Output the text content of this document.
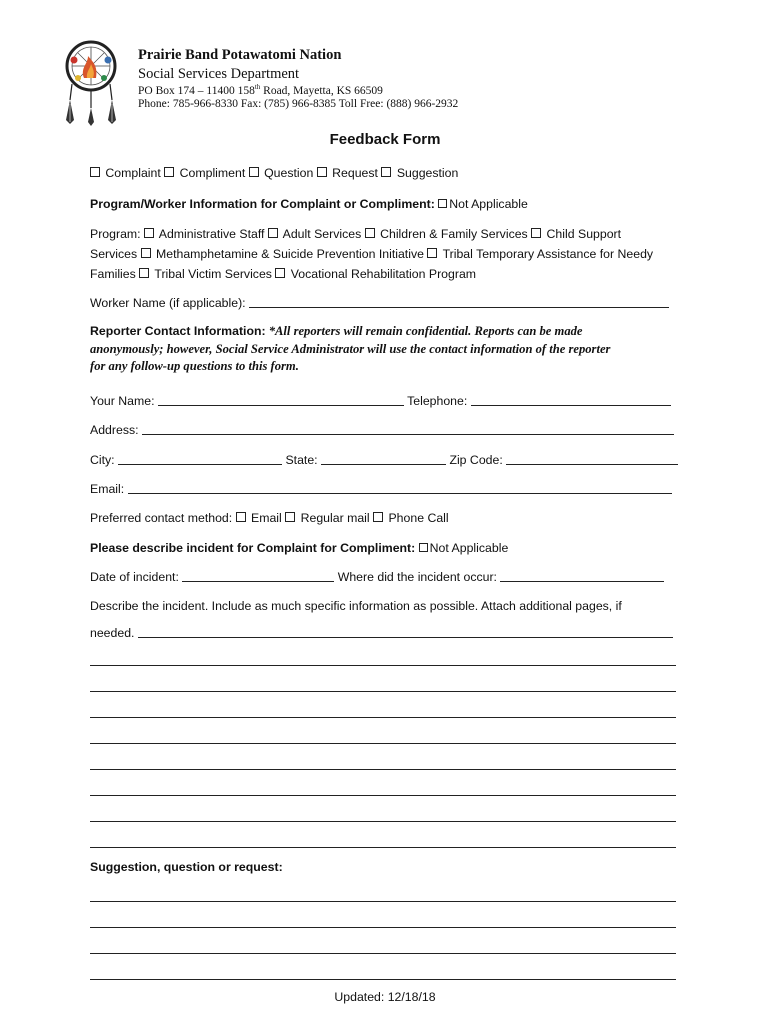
Prairie Band Potawatomi Nation
Social Services Department
PO Box 174 – 11400 158th Road, Mayetta, KS 66509
Phone: 785-966-8330 Fax: (785) 966-8385 Toll Free: (888) 966-2932
Feedback Form
Complaint Compliment Question Request Suggestion
Program/Worker Information for Complaint or Compliment: Not Applicable
Program: Administrative Staff Adult Services Children & Family Services Child Support
Services Methamphetamine & Suicide Prevention Initiative Tribal Temporary Assistance for Needy
Families Tribal Victim Services Vocational Rehabilitation Program
Worker Name (if applicable):
Reporter Contact Information: *All reporters will remain confidential. Reports can be made
anonymously; however, Social Service Administrator will use the contact information of the reporter
for any follow-up questions to this form.
Your Name:	Telephone:
Address:
City:	State:	Zip Code:
Email:
Preferred contact method: Email Regular mail Phone Call
Please describe incident for Complaint for Compliment: Not Applicable
Date of incident:	Where did the incident occur:
Describe the incident. Include as much specific information as possible. Attach additional pages, if
needed.
Suggestion, question or request:
Updated: 12/18/18
